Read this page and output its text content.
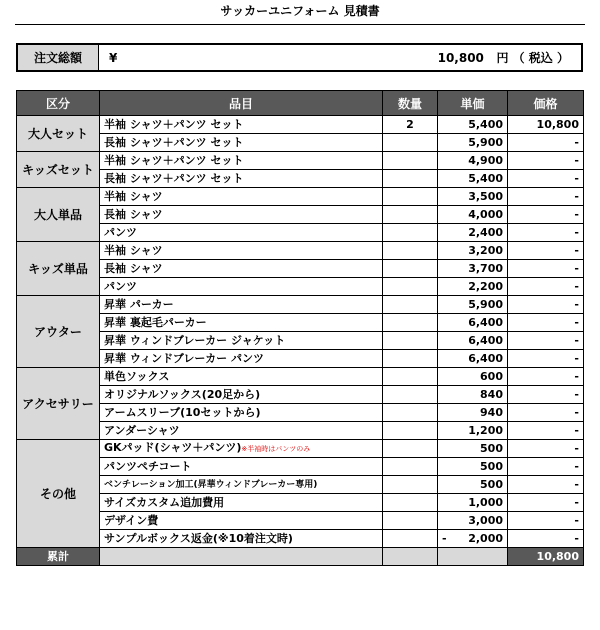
サッカーユニフォーム 見積書
注文総額	¥	10,800
円 （ 税込 ）
区分	品目	数量	単価	価格
大人セット	半袖 シャツ＋パンツ セット	2	5,400	10,800
	長袖 シャツ＋パンツ セット		5,900	-
キッズセット	半袖 シャツ＋パンツ セット		4,900	-
	長袖 シャツ＋パンツ セット		5,400	-
大人単品	半袖 シャツ		3,500	-
	長袖 シャツ		4,000	-
	パンツ		2,400	-
キッズ単品	半袖 シャツ		3,200	-
	長袖 シャツ		3,700	-
	パンツ		2,200	-
アウター	昇華 パーカー		5,900	-
	昇華 裏起毛パーカー		6,400	-
	昇華 ウィンドブレーカー ジャケット		6,400	-
	昇華 ウィンドブレーカー パンツ		6,400	-
アクセサリー	単色ソックス		600	-
	オリジナルソックス(20足から)		840	-
	アームスリーブ(10セットから)		940	-
	アンダーシャツ		1,200	-
その他	GKパッド(シャツ＋パンツ)※半袖時はパンツのみ		500	-
	パンツペチコート		500	-
	ベンチレーション加工(昇華ウィンドブレーカー専用)		500	-
	サイズカスタム追加費用		1,000	-
	デザイン費		3,000	-
	サンプルボックス返金(※10着注文時)		- 2,000	-
累計				10,800
